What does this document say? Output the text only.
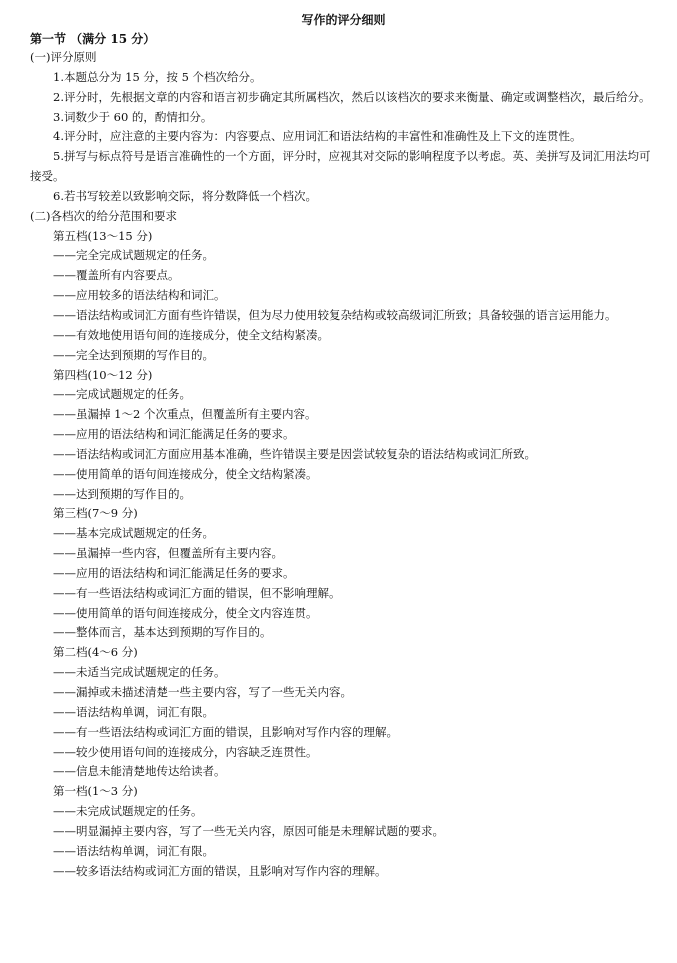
写作的评分细则
第一节 （满分 15 分）
(一)评分原则
1.本题总分为 15 分，按 5 个档次给分。
2.评分时，先根据文章的内容和语言初步确定其所属档次，然后以该档次的要求来衡量、确定或调整档次，最后给分。
3.词数少于 60 的，酌情扣分。
4.评分时，应注意的主要内容为：内容要点、应用词汇和语法结构的丰富性和准确性及上下文的连贯性。
5.拼写与标点符号是语言准确性的一个方面，评分时，应视其对交际的影响程度予以考虑。英、美拼写及词汇用法均可接受。
6.若书写较差以致影响交际，将分数降低一个档次。
(二)各档次的给分范围和要求
第五档(13～15 分)
——完全完成试题规定的任务。
——覆盖所有内容要点。
——应用较多的语法结构和词汇。
——语法结构或词汇方面有些许错误，但为尽力使用较复杂结构或较高级词汇所致；具备较强的语言运用能力。
——有效地使用语句间的连接成分，使全文结构紧凑。
——完全达到预期的写作目的。
第四档(10～12 分)
——完成试题规定的任务。
——虽漏掉 1～2 个次重点，但覆盖所有主要内容。
——应用的语法结构和词汇能满足任务的要求。
——语法结构或词汇方面应用基本准确，些许错误主要是因尝试较复杂的语法结构或词汇所致。
——使用简单的语句间连接成分，使全文结构紧凑。
——达到预期的写作目的。
第三档(7～9 分)
——基本完成试题规定的任务。
——虽漏掉一些内容，但覆盖所有主要内容。
——应用的语法结构和词汇能满足任务的要求。
——有一些语法结构或词汇方面的错误，但不影响理解。
——使用简单的语句间连接成分，使全文内容连贯。
——整体而言，基本达到预期的写作目的。
第二档(4～6 分)
——未适当完成试题规定的任务。
——漏掉或未描述清楚一些主要内容，写了一些无关内容。
——语法结构单调，词汇有限。
——有一些语法结构或词汇方面的错误，且影响对写作内容的理解。
——较少使用语句间的连接成分，内容缺乏连贯性。
——信息未能清楚地传达给读者。
第一档(1～3 分)
——未完成试题规定的任务。
——明显漏掉主要内容，写了一些无关内容，原因可能是未理解试题的要求。
——语法结构单调，词汇有限。
——较多语法结构或词汇方面的错误，且影响对写作内容的理解。
